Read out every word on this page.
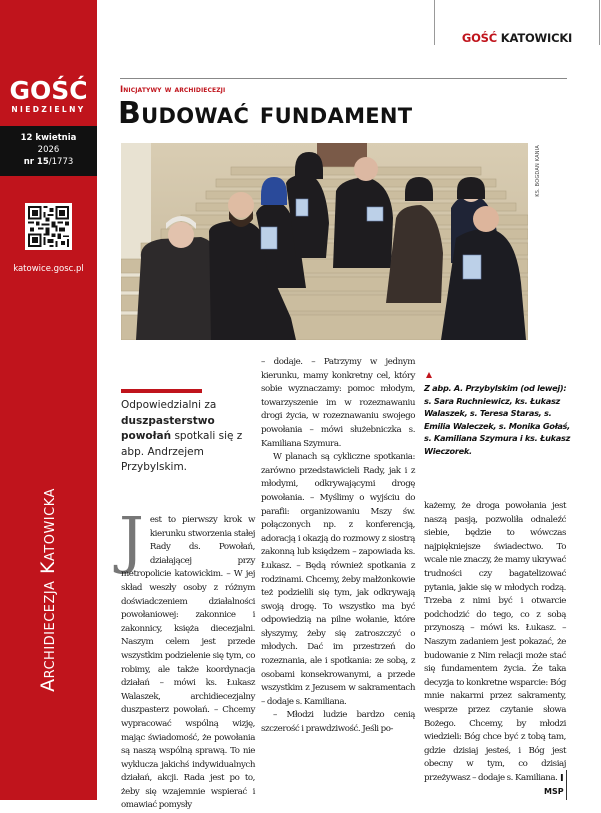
GOŚĆ
NIEDZIELNY
12 kwietnia
2026
nr 15/1773
katowice.gosc.pl
Archidiecezja Katowicka
GOŚĆ KATOWICKI
Inicjatywy w archidiecezji
Budować fundament
KS. BOGDAN KANIA
Odpowiedzialni za duszpasterstwo powołań spotkali się z abp. Andrzejem Przybylskim.
J est to pierwszy krok w kierunku stworzenia stałej Rady ds. Powołań, działającej przy metropolicie katowickim. – W jej skład weszły osoby z różnym doświadczeniem działalności powołaniowej: zakonnice i zakonnicy, księża diecezjalni. Naszym celem jest przede wszystkim podzielenie się tym, co robimy, ale także koordynacja działań – mówi ks. Łukasz Walaszek, archidiecezjalny duszpasterz powołań. – Chcemy wypracować wspólną wizję, mając świadomość, że powołania są naszą wspólną sprawą. To nie wyklucza jakichś indywidualnych działań, akcji. Rada jest po to, żeby się wzajemnie wspierać i omawiać pomysły

– dodaje. – Patrzymy w jednym kierunku, mamy konkretny cel, który sobie wyznaczamy: pomoc młodym, towarzyszenie im w rozeznawaniu drogi życia, w rozeznawaniu swojego powołania – mówi służebniczka s. Kamiliana Szymura.

W planach są cykliczne spotkania: zarówno przedstawicieli Rady, jak i z młodymi, odkrywającymi drogę powołania. – Myślimy o wyjściu do parafii: organizowaniu Mszy św. połączonych np. z konferencją, adoracją i okazją do rozmowy z siostrą zakonną lub księdzem – zapowiada ks. Łukasz. – Będą również spotkania z rodzinami. Chcemy, żeby małżonkowie też podzielili się tym, jak odkrywają swoją drogę. To wszystko ma być odpowiedzią na pilne wołanie, które słyszymy, żeby się zatroszczyć o młodych. Dać im przestrzeń do rozeznania, ale i spotkania: ze sobą, z osobami konsekrowanymi, a przede wszystkim z Jezusem w sakramentach – dodaje s. Kamiliana.

– Młodzi ludzie bardzo cenią szczerość i prawdziwość. Jeśli po-

Z abp. A. Przybylskim (od lewej): s. Sara Ruchniewicz, ks. Łukasz Walaszek, s. Teresa Staras, s. Emilia Waleczek, s. Monika Gołaś, s. Kamiliana Szymura i ks. Łukasz Wieczorek.

każemy, że droga powołania jest naszą pasją, pozwoliła odnaleźć siebie, będzie to wówczas najpiękniejsze świadectwo. To wcale nie znaczy, że mamy ukrywać trudności czy bagatelizować pytania, jakie się w młodych rodzą. Trzeba z nimi być i otwarcie podchodzić do tego, co z sobą przynoszą – mówi ks. Łukasz. – Naszym zadaniem jest pokazać, że budowanie z Nim relacji może stać się fundamentem życia. Że taka decyzja to konkretne wsparcie: Bóg mnie nakarmi przez sakramenty, wesprze przez czytanie słowa Bożego. Chcemy, by młodzi wiedzieli: Bóg chce być z tobą tam, gdzie dzisiaj jesteś, i Bóg jest obecny w tym, co dzisiaj przeżywasz – dodaje s. Kamiliana.

MSP
I
